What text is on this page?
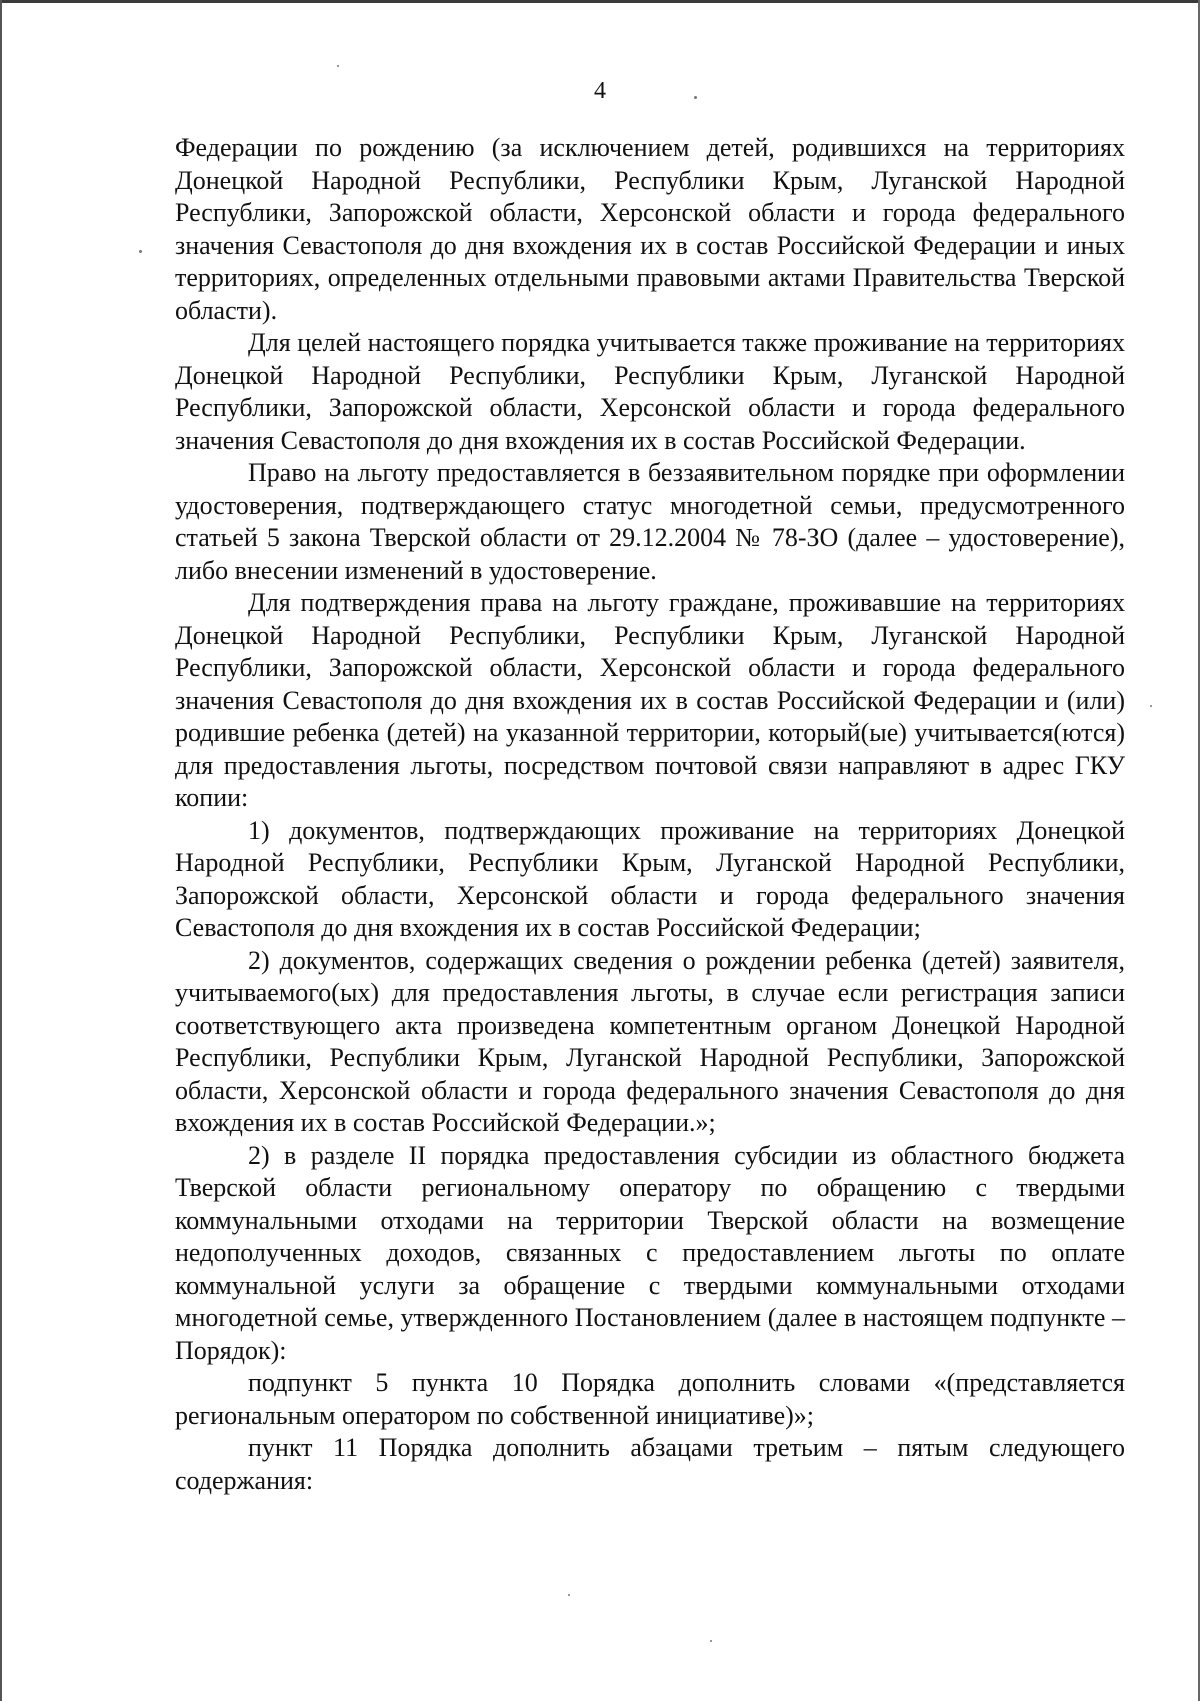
4

Федерации по рождению (за исключением детей, родившихся на территориях Донецкой Народной Республики, Республики Крым, Луганской Народной Республики, Запорожской области, Херсонской области и города федерального значения Севастополя до дня вхождения их в состав Российской Федерации и иных территориях, определенных отдельными правовыми актами Правительства Тверской области).

Для целей настоящего порядка учитывается также проживание на территориях Донецкой Народной Республики, Республики Крым, Луганской Народной Республики, Запорожской области, Херсонской области и города федерального значения Севастополя до дня вхождения их в состав Российской Федерации.

Право на льготу предоставляется в беззаявительном порядке при оформлении удостоверения, подтверждающего статус многодетной семьи, предусмотренного статьей 5 закона Тверской области от 29.12.2004 № 78-ЗО (далее – удостоверение), либо внесении изменений в удостоверение.

Для подтверждения права на льготу граждане, проживавшие на территориях Донецкой Народной Республики, Республики Крым, Луганской Народной Республики, Запорожской области, Херсонской области и города федерального значения Севастополя до дня вхождения их в состав Российской Федерации и (или) родившие ребенка (детей) на указанной территории, который(ые) учитывается(ются) для предоставления льготы, посредством почтовой связи направляют в адрес ГКУ копии:

1) документов, подтверждающих проживание на территориях Донецкой Народной Республики, Республики Крым, Луганской Народной Республики, Запорожской области, Херсонской области и города федерального значения Севастополя до дня вхождения их в состав Российской Федерации;

2) документов, содержащих сведения о рождении ребенка (детей) заявителя, учитываемого(ых) для предоставления льготы, в случае если регистрация записи соответствующего акта произведена компетентным органом Донецкой Народной Республики, Республики Крым, Луганской Народной Республики, Запорожской области, Херсонской области и города федерального значения Севастополя до дня вхождения их в состав Российской Федерации.»;

2) в разделе II порядка предоставления субсидии из областного бюджета Тверской области региональному оператору по обращению с твердыми коммунальными отходами на территории Тверской области на возмещение недополученных доходов, связанных с предоставлением льготы по оплате коммунальной услуги за обращение с твердыми коммунальными отходами многодетной семье, утвержденного Постановлением (далее в настоящем подпункте – Порядок):

подпункт 5 пункта 10 Порядка дополнить словами «(представляется региональным оператором по собственной инициативе)»;

пункт 11 Порядка дополнить абзацами третьим – пятым следующего содержания:
